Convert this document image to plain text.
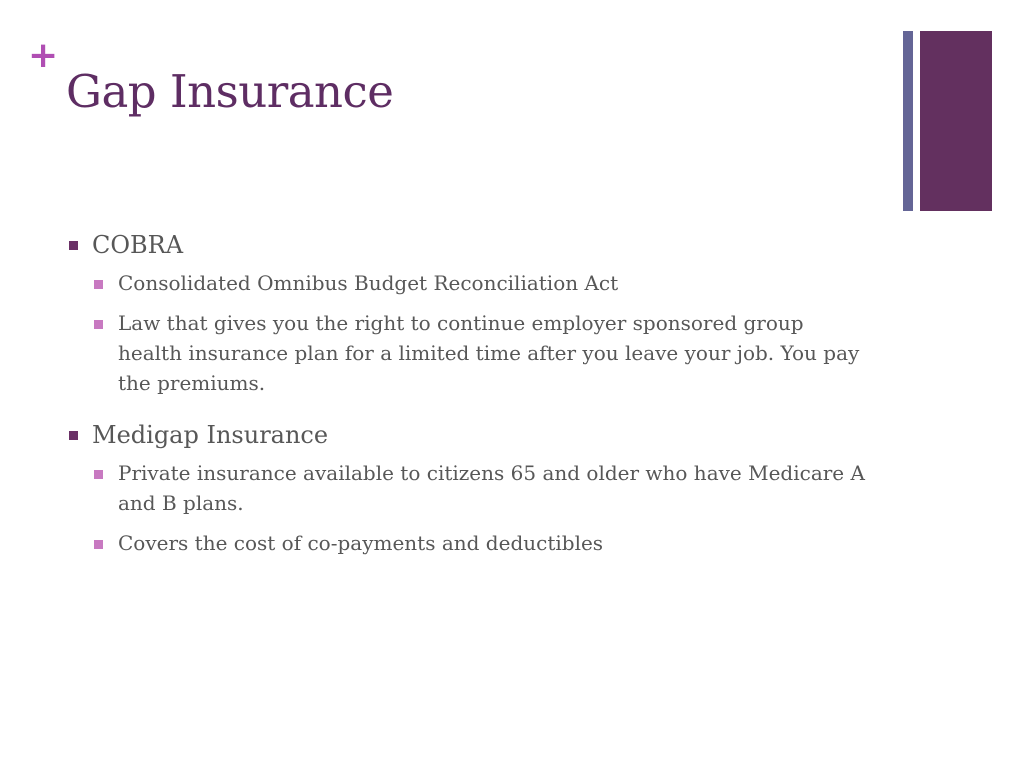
+
Gap Insurance
COBRA
Consolidated Omnibus Budget Reconciliation Act
Law that gives you the right to continue employer sponsored group health insurance plan for a limited time after you leave your job. You pay the premiums.
Medigap Insurance
Private insurance available to citizens 65 and older who have Medicare A and B plans.
Covers the cost of co-payments and deductibles
